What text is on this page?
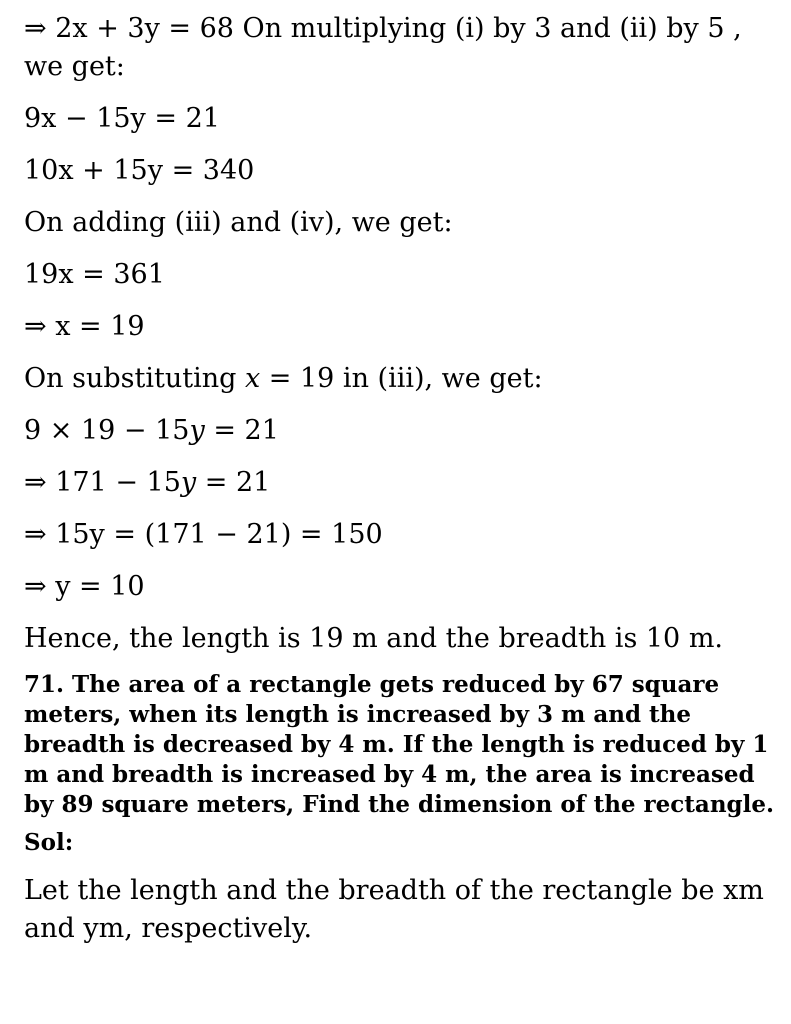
⇒ 2x + 3y = 68 On multiplying (i) by 3 and (ii) by 5 , we get:
9x − 15y = 21
10x + 15y = 340
On adding (iii) and (iv), we get:
19x = 361
⇒ x = 19
On substituting x = 19 in (iii), we get:
9 × 19 − 15y = 21
⇒ 171 − 15y = 21
⇒ 15y = (171 − 21) = 150
⇒ y = 10
Hence, the length is 19 m and the breadth is 10 m.
71. The area of a rectangle gets reduced by 67 square meters, when its length is increased by 3 m and the breadth is decreased by 4 m. If the length is reduced by 1 m and breadth is increased by 4 m, the area is increased by 89 square meters, Find the dimension of the rectangle.
Sol:
Let the length and the breadth of the rectangle be xm and ym, respectively.
